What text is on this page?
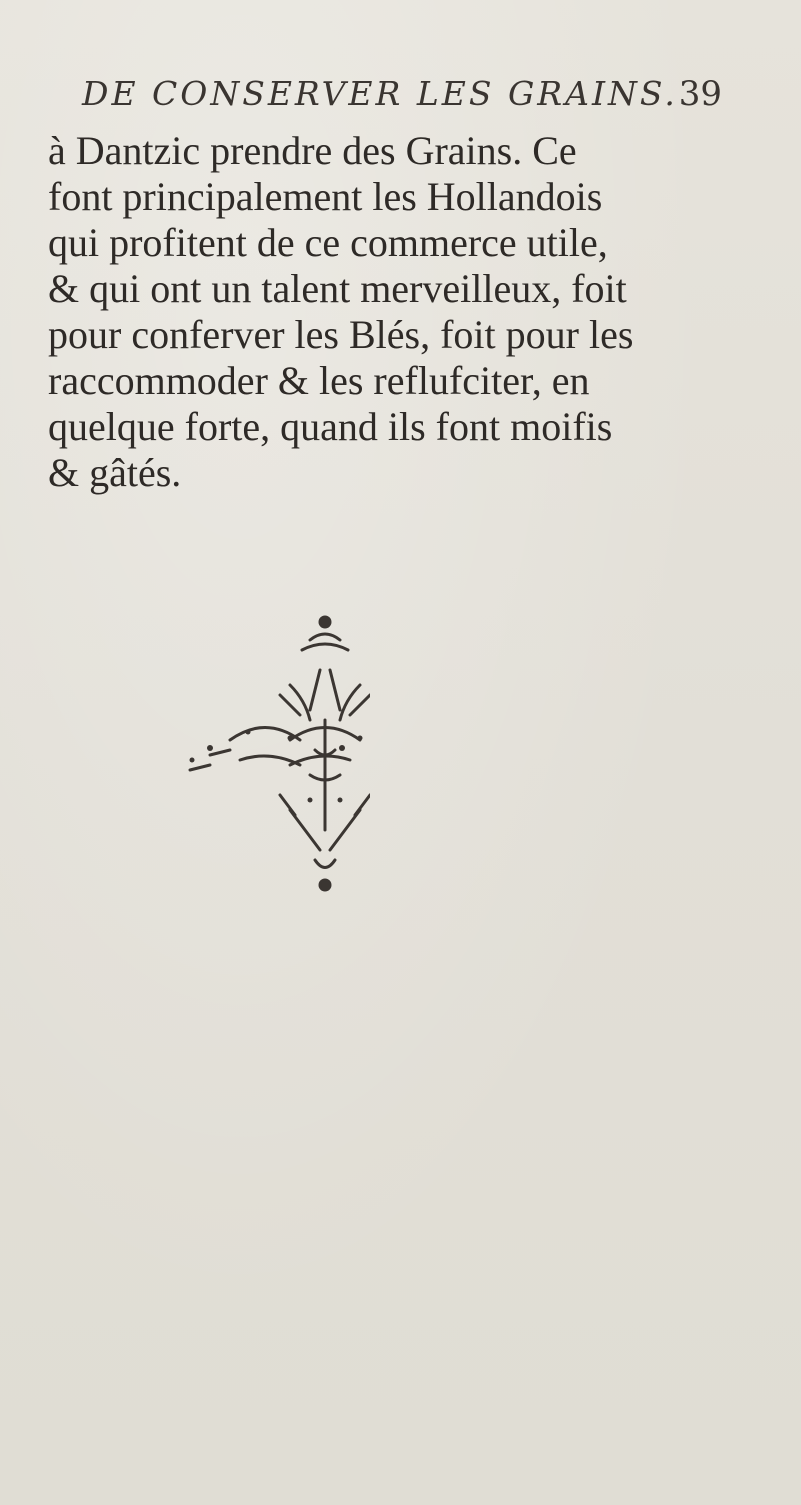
DE CONSERVER LES GRAINS. 39
à Dantzic prendre des Grains. Ce
font principalement les Hollandois
qui profitent de ce commerce utile,
& qui ont un talent merveilleux, foit
pour conferver les Blés, foit pour les
raccommoder & les reflufciter, en
quelque forte, quand ils font moifis
& gâtés.
